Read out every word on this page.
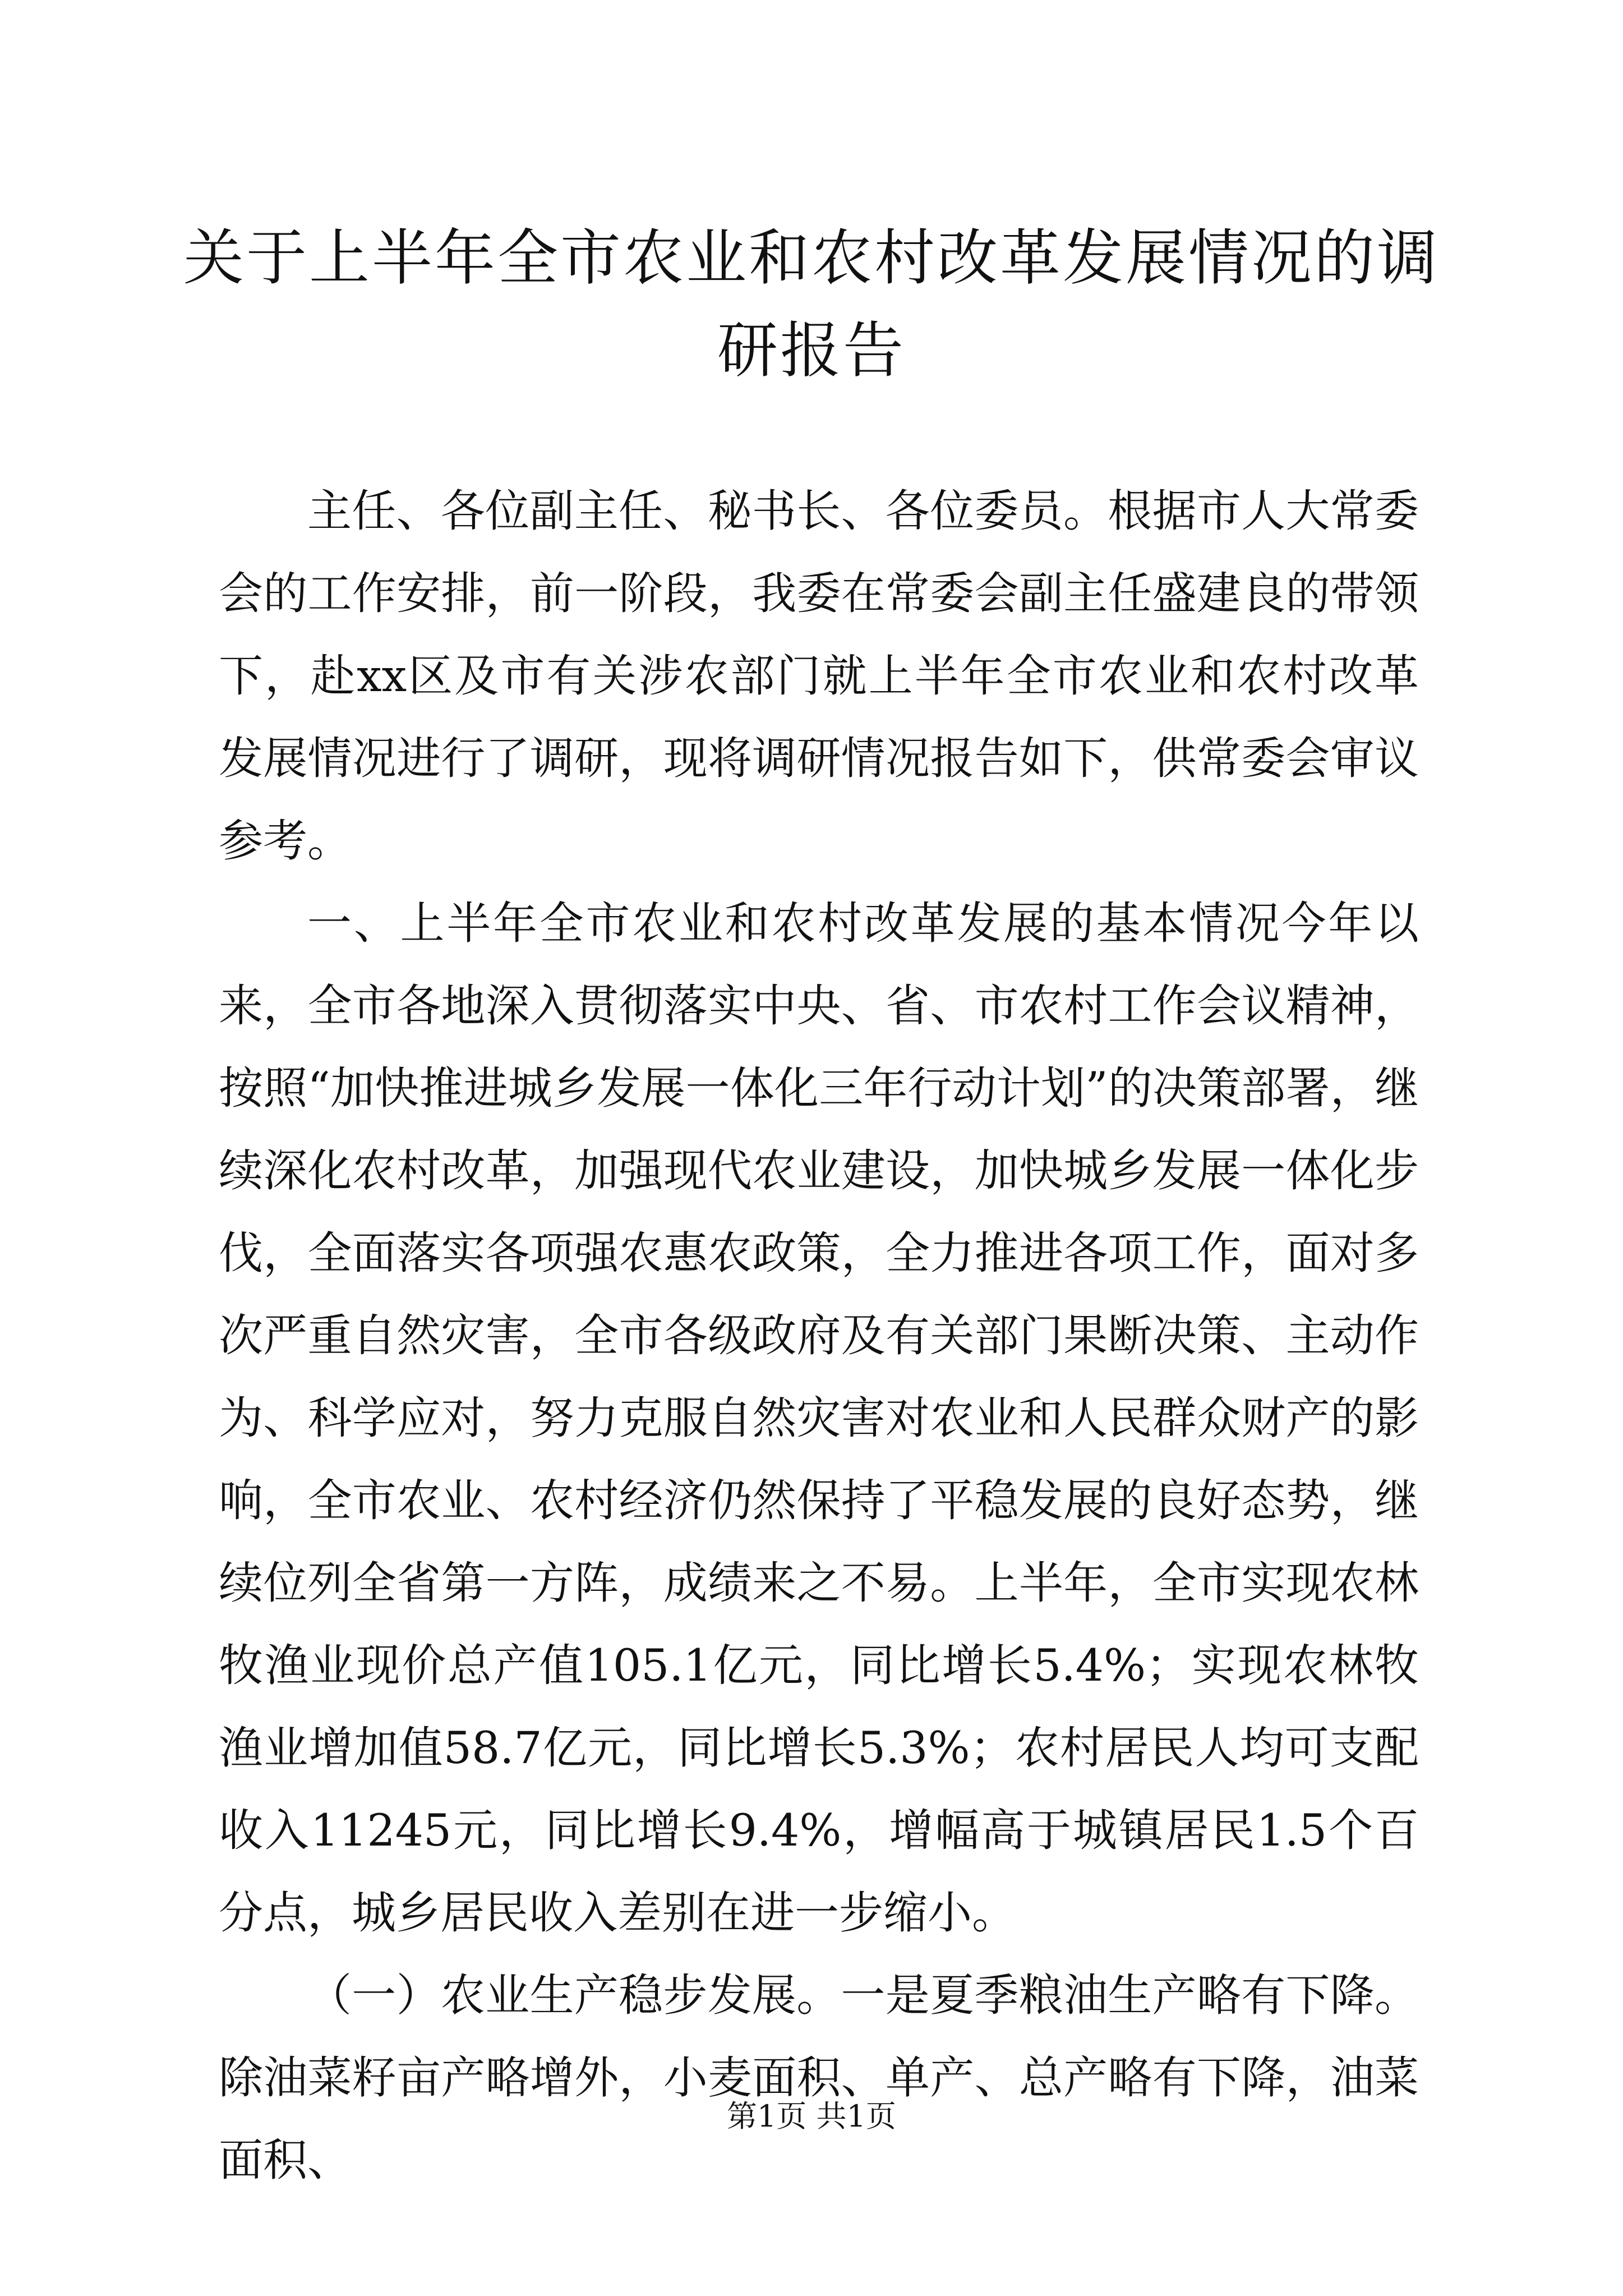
关于上半年全市农业和农村改革发展情况的调研报告

主任、各位副主任、秘书长、各位委员。根据市人大常委会的工作安排，前一阶段，我委在常委会副主任盛建良的带领下，赴xx区及市有关涉农部门就上半年全市农业和农村改革发展情况进行了调研，现将调研情况报告如下，供常委会审议参考。

一、上半年全市农业和农村改革发展的基本情况今年以来，全市各地深入贯彻落实中央、省、市农村工作会议精神，按照“加快推进城乡发展一体化三年行动计划”的决策部署，继续深化农村改革，加强现代农业建设，加快城乡发展一体化步伐，全面落实各项强农惠农政策，全力推进各项工作，面对多次严重自然灾害，全市各级政府及有关部门果断决策、主动作为、科学应对，努力克服自然灾害对农业和人民群众财产的影响，全市农业、农村经济仍然保持了平稳发展的良好态势，继续位列全省第一方阵，成绩来之不易。上半年，全市实现农林牧渔业现价总产值105.1亿元，同比增长5.4%；实现农林牧渔业增加值58.7亿元，同比增长5.3%；农村居民人均可支配收入11245元，同比增长9.4%，增幅高于城镇居民1.5个百分点，城乡居民收入差别在进一步缩小。

（一）农业生产稳步发展。一是夏季粮油生产略有下降。除油菜籽亩产略增外，小麦面积、单产、总产略有下降，油菜面积、

第1页 共1页
